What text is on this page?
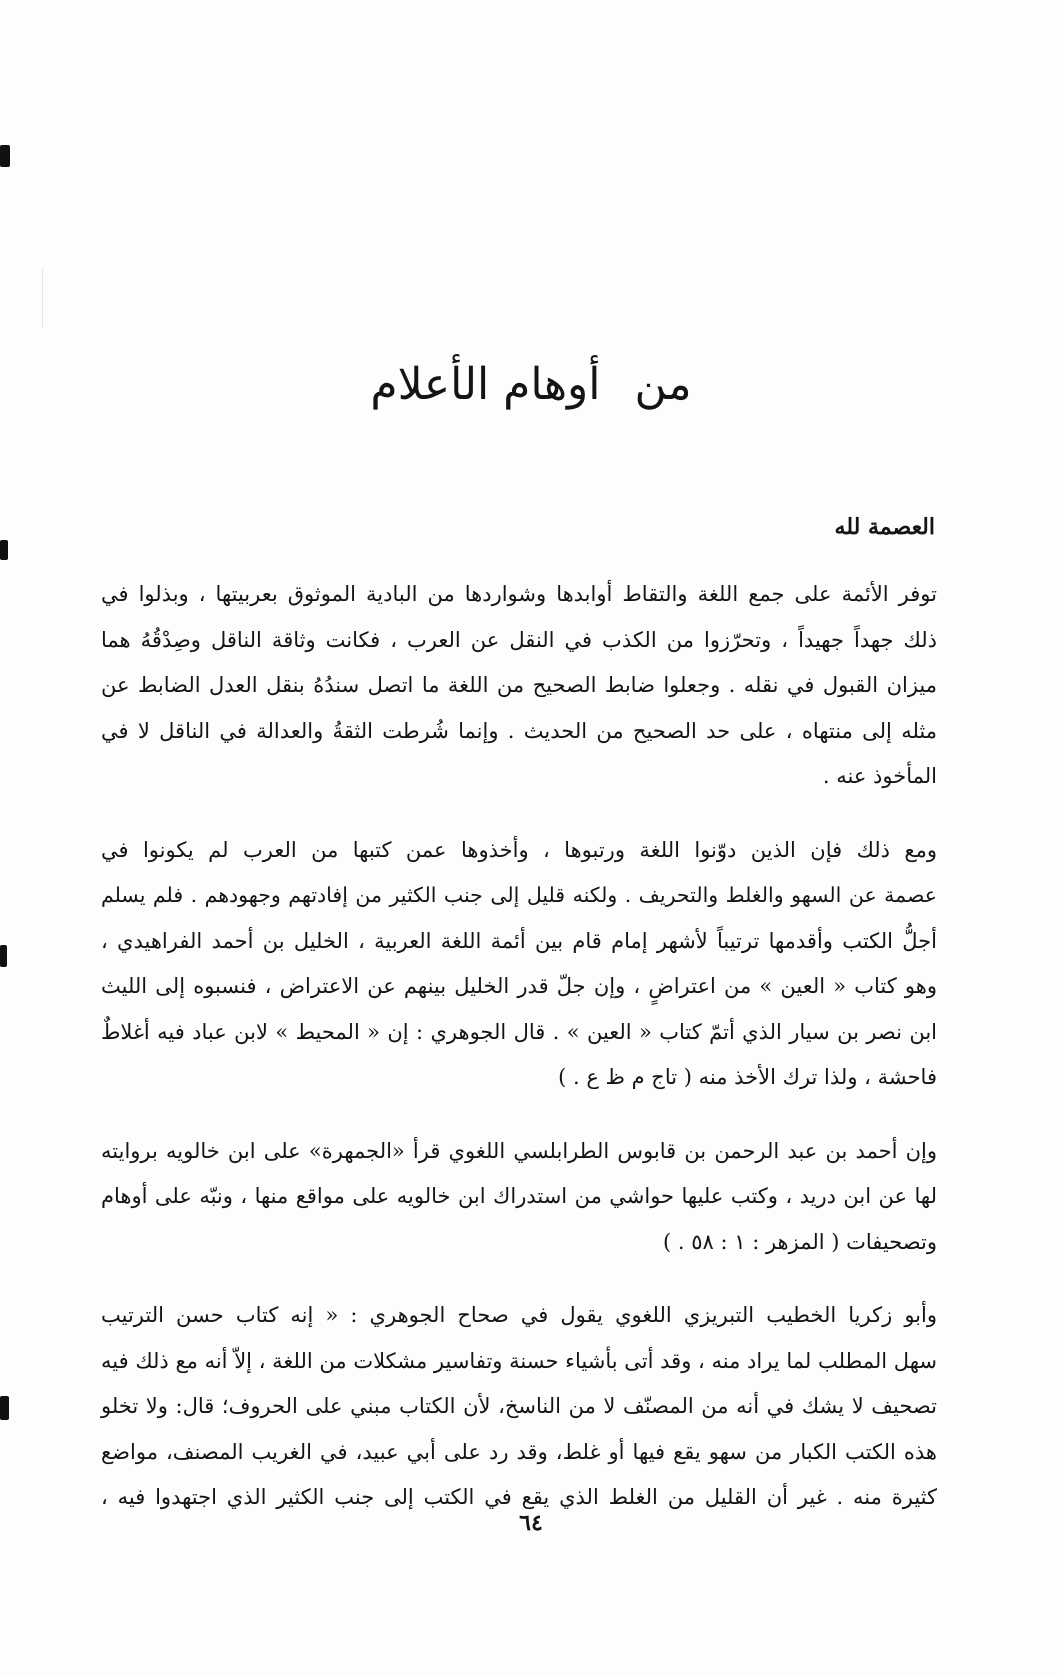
من أوهام الأعلام
العصمة لله

توفر الأئمة على جمع اللغة والتقاط أوابدها وشواردها من البادية الموثوق بعربيتها ، وبذلوا في
ذلك جهداً جهيداً ، وتحرّزوا من الكذب في النقل عن العرب ، فكانت وثاقة الناقل وصِدْقُهُ هما
ميزان القبول في نقله . وجعلوا ضابط الصحيح من اللغة ما اتصل سندُهُ بنقل العدل الضابط عن
مثله إلى منتهاه ، على حد الصحيح من الحديث . وإنما شُرطت الثقةُ والعدالة في الناقل لا في
المأخوذ عنه .

ومع ذلك فإن الذين دوّنوا اللغة ورتبوها ، وأخذوها عمن كتبها من العرب لم يكونوا في
عصمة عن السهو والغلط والتحريف . ولكنه قليل إلى جنب الكثير من إفادتهم وجهودهم . فلم يسلم
أجلُّ الكتب وأقدمها ترتيباً لأشهر إمام قام بين أئمة اللغة العربية ، الخليل بن أحمد الفراهيدي ،
وهو كتاب « العين » من اعتراضٍ ، وإن جلّ قدر الخليل بينهم عن الاعتراض ، فنسبوه إلى الليث
ابن نصر بن سيار الذي أتمّ كتاب « العين » . قال الجوهري : إن « المحيط » لابن عباد فيه أغلاطٌ
فاحشة ، ولذا ترك الأخذ منه ( تاج م ظ ع . )

وإن أحمد بن عبد الرحمن بن قابوس الطرابلسي اللغوي قرأ «الجمهرة» على ابن خالويه بروايته
لها عن ابن دريد ، وكتب عليها حواشي من استدراك ابن خالويه على مواقع منها ، ونبّه على أوهام
وتصحيفات ( المزهر : ١ : ٥٨ . )

وأبو زكريا الخطيب التبريزي اللغوي يقول في صحاح الجوهري : « إنه كتاب حسن الترتيب
سهل المطلب لما يراد منه ، وقد أتى بأشياء حسنة وتفاسير مشكلات من اللغة ، إلاّ أنه مع ذلك فيه
تصحيف لا يشك في أنه من المصنّف لا من الناسخ، لأن الكتاب مبني على الحروف؛ قال: ولا تخلو
هذه الكتب الكبار من سهو يقع فيها أو غلط، وقد رد على أبي عبيد، في الغريب المصنف، مواضع
كثيرة منه . غير أن القليل من الغلط الذي يقع في الكتب إلى جنب الكثير الذي اجتهدوا فيه ،

٦٤
